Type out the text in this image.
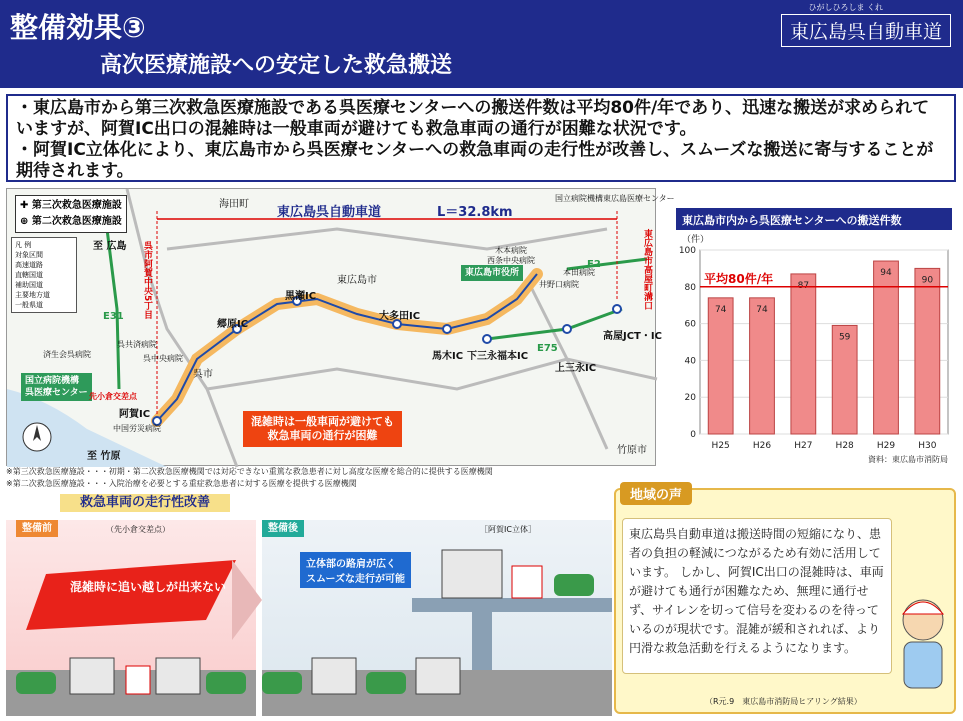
整備効果③
高次医療施設への安定した救急搬送
ひがしひろしま くれ
東広島呉自動車道

・東広島市から第三次救急医療施設である呉医療センターへの搬送件数は平均80件/年であり、迅速な搬送が求められて

いますが、阿賀IC出口の混雑時は一般車両が避けても救急車両の通行が困難な状況です。

・阿賀IC立体化により、東広島市から呉医療センターへの救急車両の走行性が改善し、スムーズな搬送に寄与することが

期待されます。

✚ 第三次救急医療施設
⊕ 第二次救急医療施設
凡 例
対象区間
高速道路
直轄国道
補助国道
主要地方道
一般県道
東広島呉自動車道	L＝32.8km
至 広島
至 竹原
呉市阿賀中央5丁目	東広島市高屋町溝口
黒瀬IC
郷原IC
大多田IC
馬木IC 下三永福本IC
上三永IC
高屋JCT・IC
阿賀IC
東広島市役所
国立病院機構
呉医療センター
国立病院機構東広島医療センター
E31
E2
E75
東広島市
呉市
竹原市
海田町
先小倉交差点
済生会呉病院
呉共済病院
呉中央病院
中国労災病院
木本病院
西条中央病院
井野口病院
本田病院
混雑時は一般車両が避けても
救急車両の通行が困難
※第三次救急医療施設・・・初期・第二次救急医療機関では対応できない重篤な救急患者に対し高度な医療を総合的に提供する医療機関
※第二次救急医療施設・・・入院治療を必要とする重症救急患者に対する医療を提供する医療機関
東広島市内から呉医療センターへの搬送件数
（件）
0
20
40
60
80
100
74
H25
74
H26
87
H27
59
H28
94
H29
90
H30
平均80件/年
資料：東広島市消防局
救急車両の走行性改善
整備前	（先小倉交差点）
混雑時に追い越しが出来ない
整備後	［阿賀IC立体］
立体部の路肩が広く
スムーズな走行が可能
地域の声
東広島呉自動車道は搬送時間の短縮になり、患者の負担の軽減につながるため有効に活用しています。 しかし、阿賀IC出口の混雑時は、車両が避けても通行が困難なため、無理に通行せず、サイレンを切って信号を変わるのを待っているのが現状です。混雑が緩和されれば、より円滑な救急活動を行えるようになります。
（R元.9　東広島市消防局ヒアリング結果）
